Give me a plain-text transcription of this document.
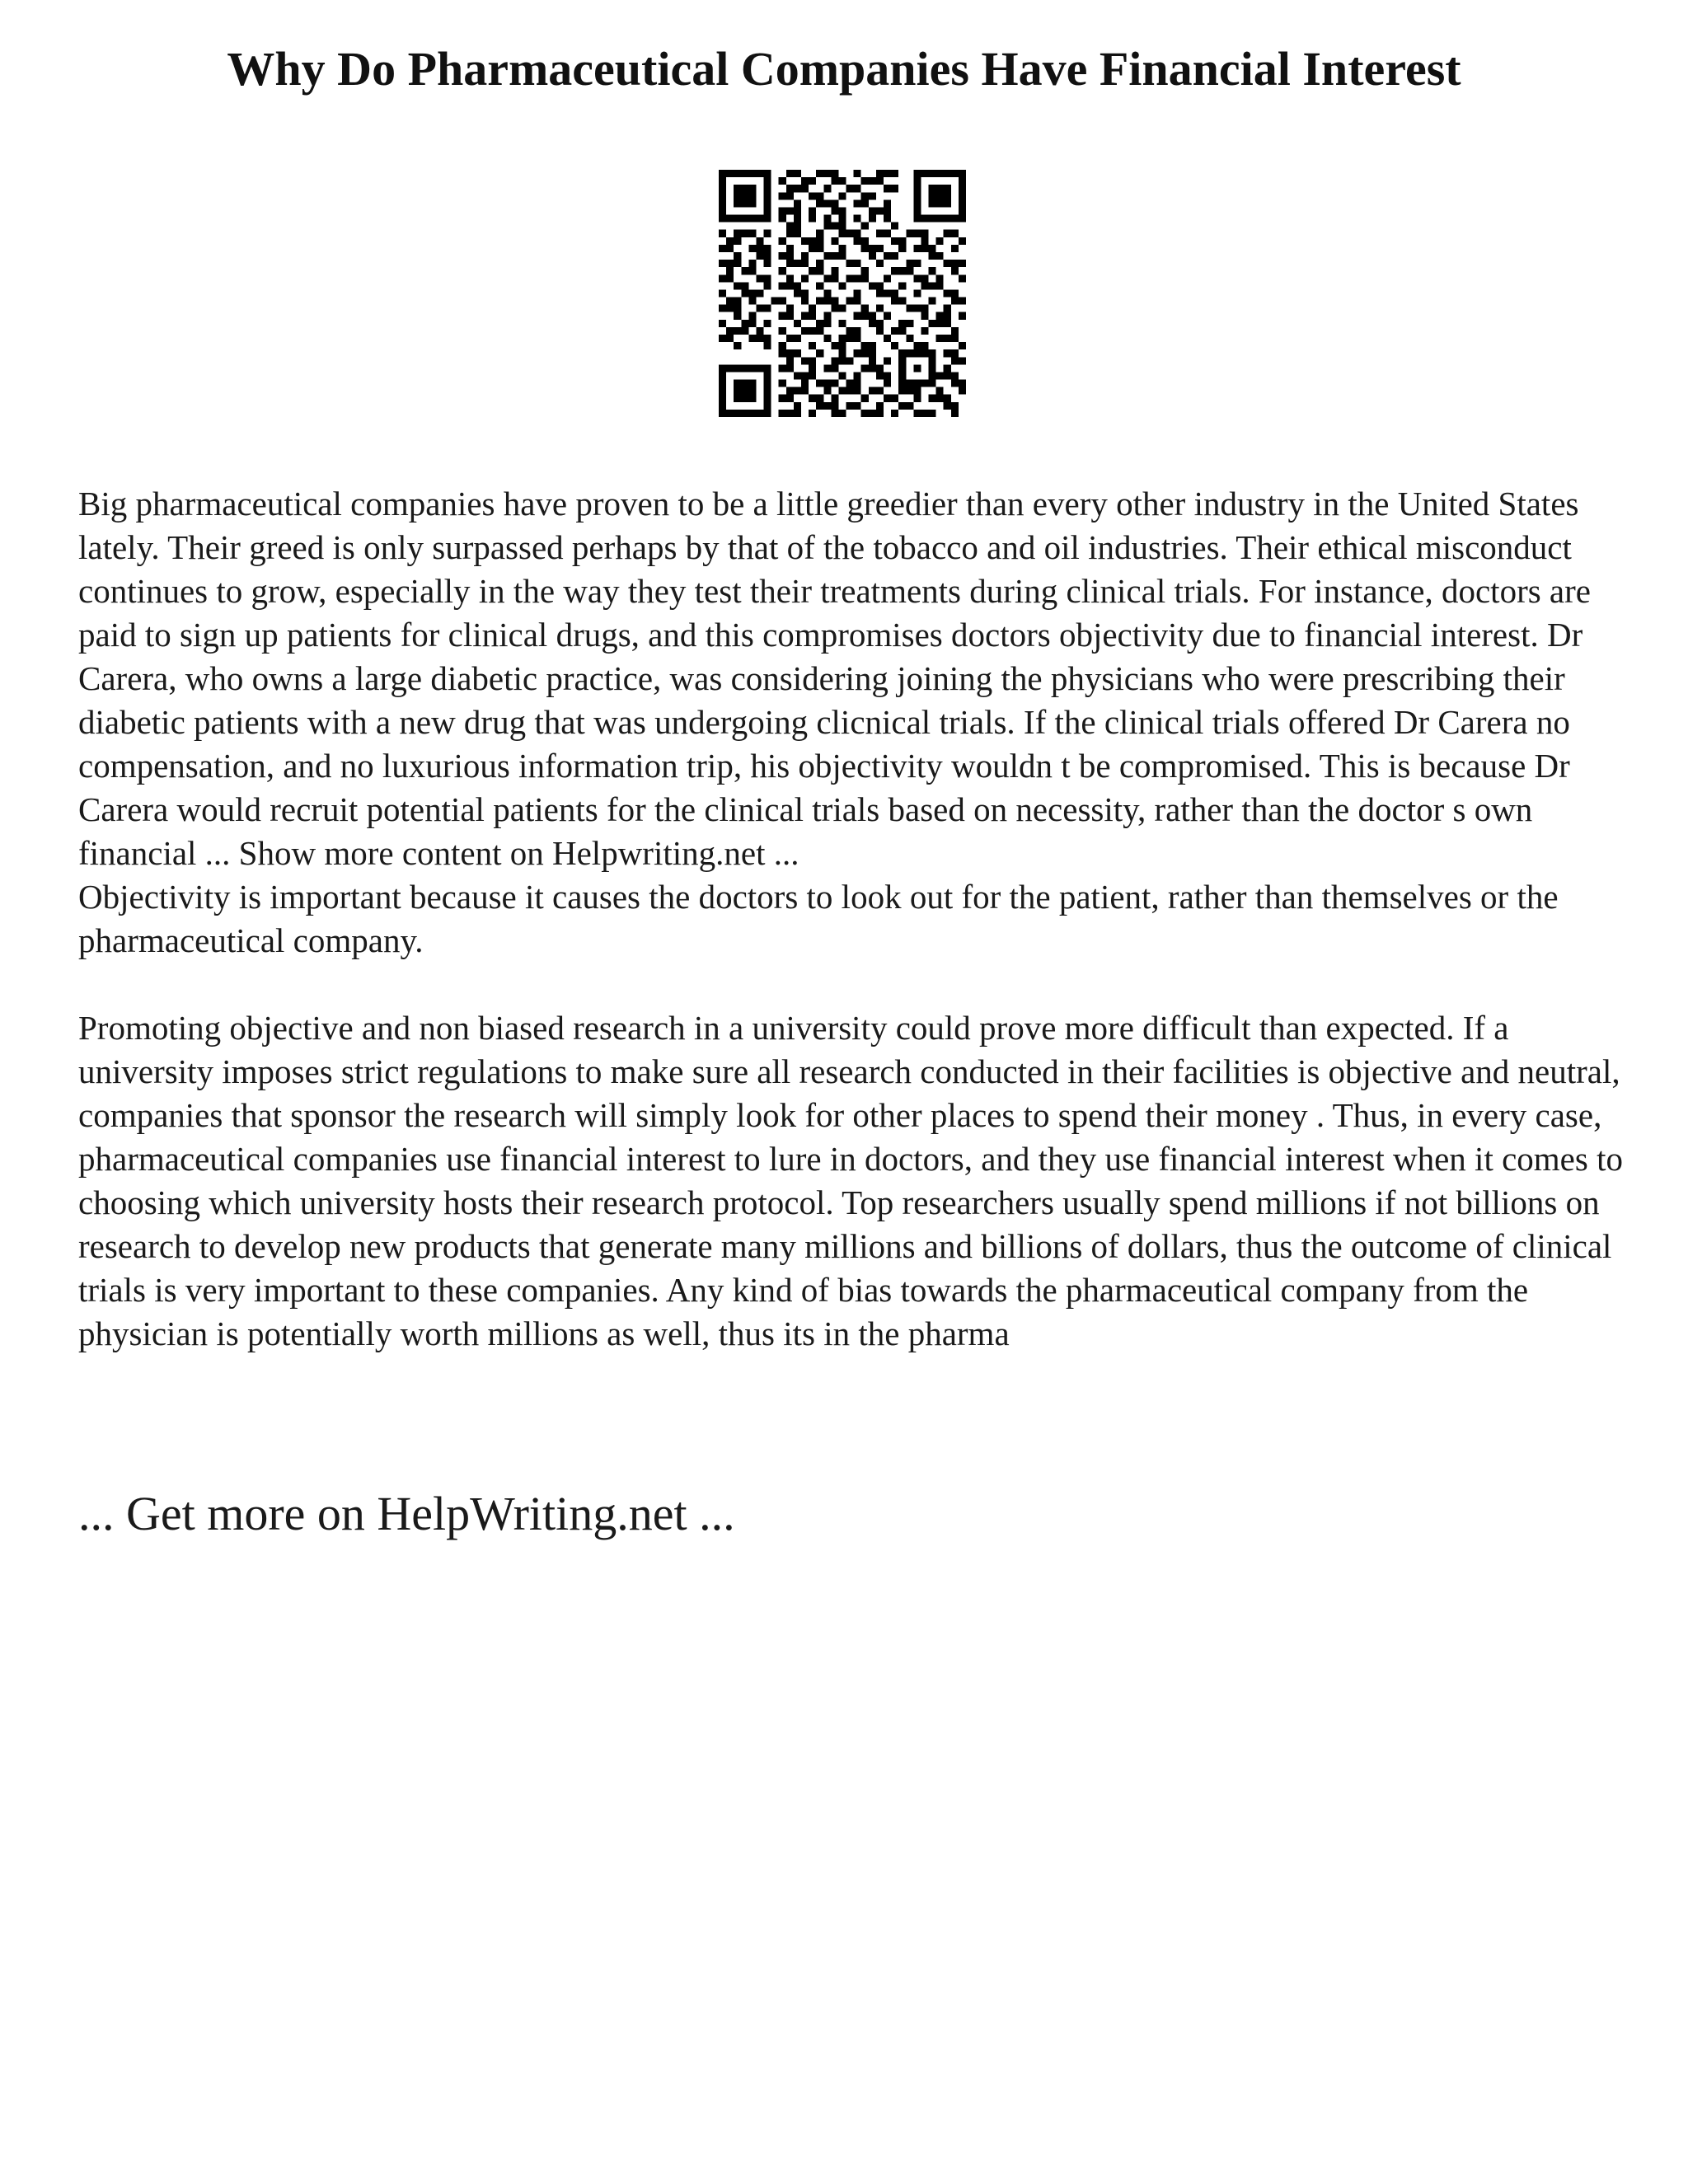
Why Do Pharmaceutical Companies Have Financial Interest

Big pharmaceutical companies have proven to be a little greedier than every other industry in the United States lately. Their greed is only surpassed perhaps by that of the tobacco and oil industries. Their ethical misconduct continues to grow, especially in the way they test their treatments during clinical trials. For instance, doctors are paid to sign up patients for clinical drugs, and this compromises doctors objectivity due to financial interest. Dr Carera, who owns a large diabetic practice, was considering joining the physicians who were prescribing their diabetic patients with a new drug that was undergoing clicnical trials. If the clinical trials offered Dr Carera no compensation, and no luxurious information trip, his objectivity wouldn t be compromised. This is because Dr Carera would recruit potential patients for the clinical trials based on necessity, rather than the doctor s own financial ... Show more content on Helpwriting.net ...

Objectivity is important because it causes the doctors to look out for the patient, rather than themselves or the pharmaceutical company.

Promoting objective and non biased research in a university could prove more difficult than expected. If a university imposes strict regulations to make sure all research conducted in their facilities is objective and neutral, companies that sponsor the research will simply look for other places to spend their money . Thus, in every case, pharmaceutical companies use financial interest to lure in doctors, and they use financial interest when it comes to choosing which university hosts their research protocol. Top researchers usually spend millions if not billions on research to develop new products that generate many millions and billions of dollars, thus the outcome of clinical trials is very important to these companies. Any kind of bias towards the pharmaceutical company from the physician is potentially worth millions as well, thus its in the pharma

... Get more on HelpWriting.net ...
